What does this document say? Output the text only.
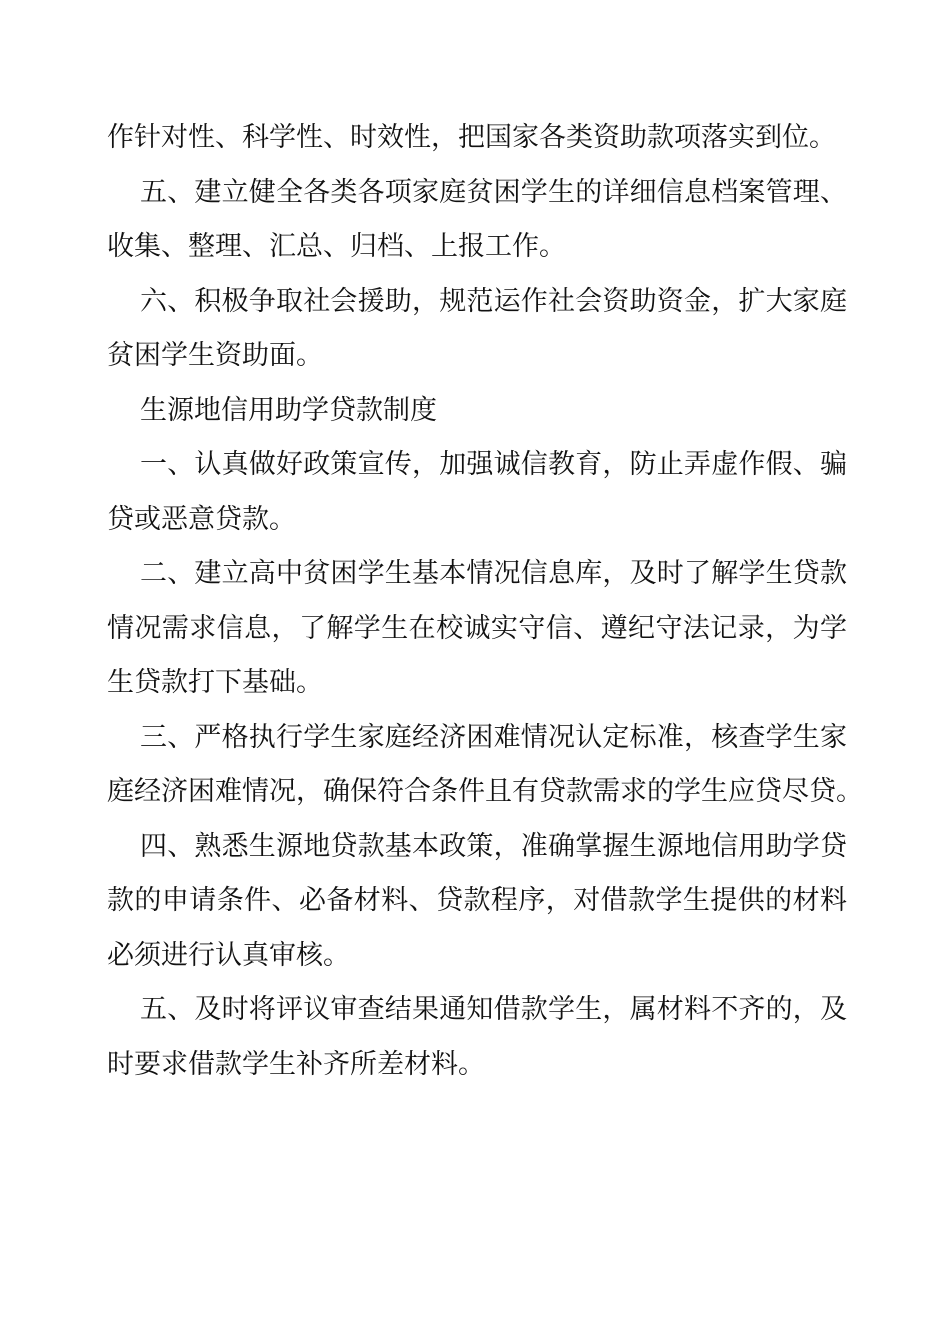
作针对性、科学性、时效性，把国家各类资助款项落实到位。
五、建立健全各类各项家庭贫困学生的详细信息档案管理、
收集、整理、汇总、归档、上报工作。
六、积极争取社会援助，规范运作社会资助资金，扩大家庭
贫困学生资助面。
生源地信用助学贷款制度
一、认真做好政策宣传，加强诚信教育，防止弄虚作假、骗
贷或恶意贷款。
二、建立高中贫困学生基本情况信息库，及时了解学生贷款
情况需求信息，了解学生在校诚实守信、遵纪守法记录，为学
生贷款打下基础。
三、严格执行学生家庭经济困难情况认定标准，核查学生家
庭经济困难情况，确保符合条件且有贷款需求的学生应贷尽贷。
四、熟悉生源地贷款基本政策，准确掌握生源地信用助学贷
款的申请条件、必备材料、贷款程序，对借款学生提供的材料
必须进行认真审核。
五、及时将评议审查结果通知借款学生，属材料不齐的，及
时要求借款学生补齐所差材料。
